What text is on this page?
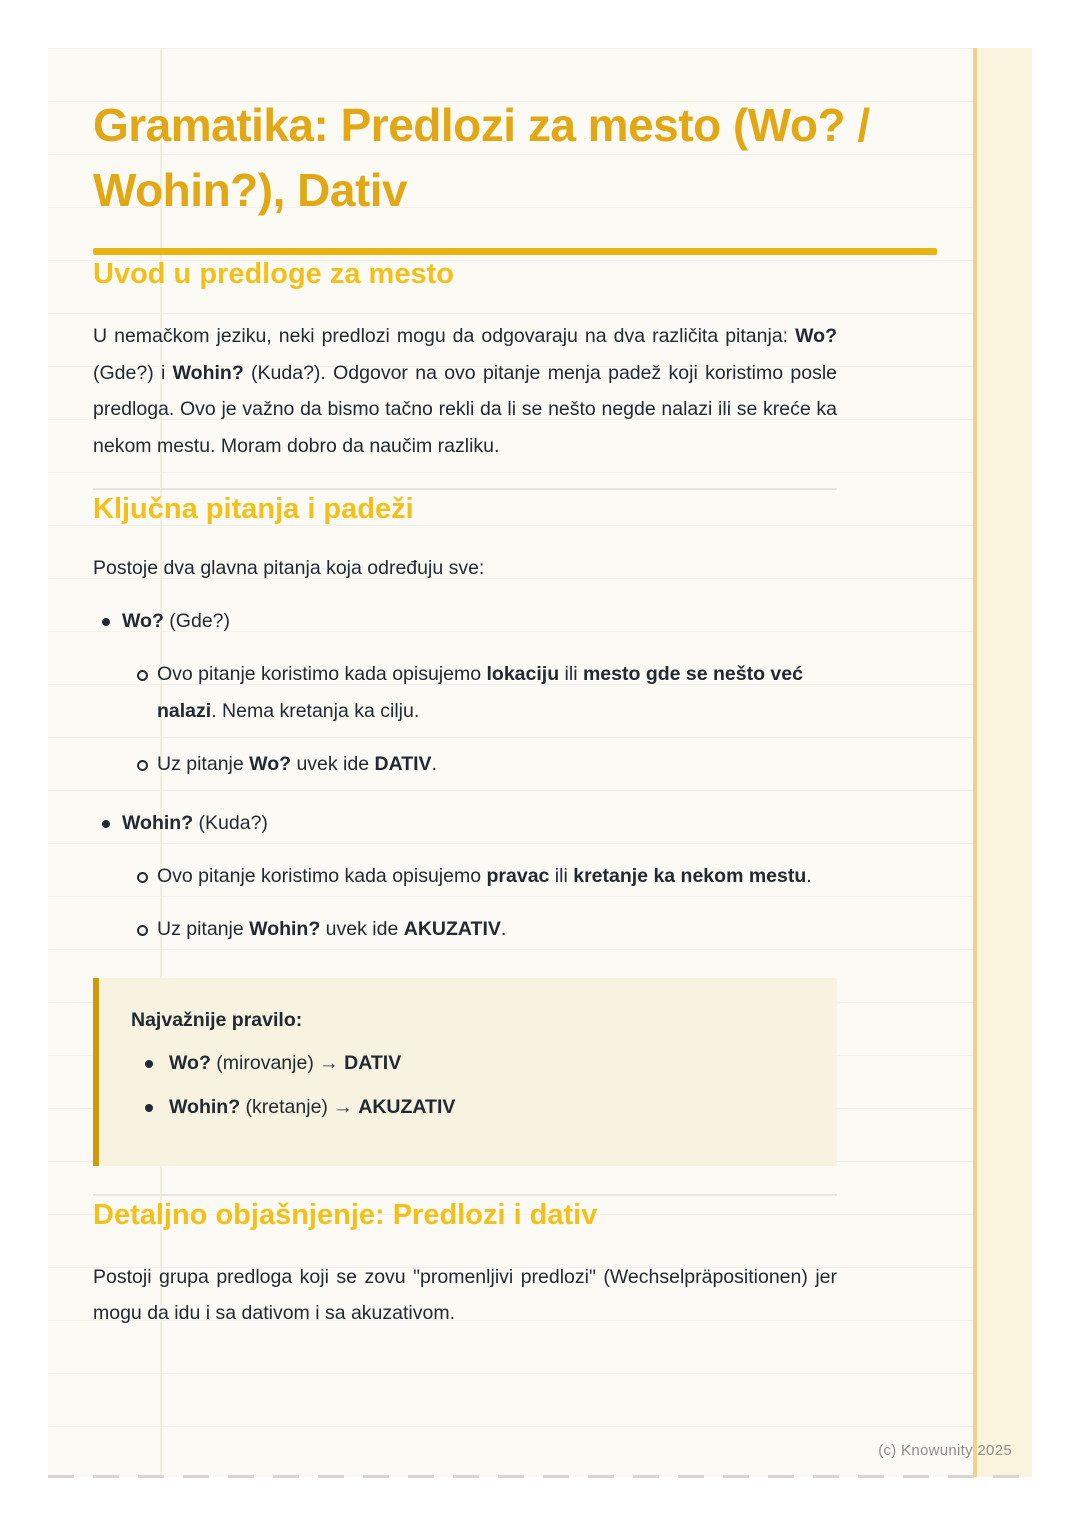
Gramatika: Predlozi za mesto (Wo? / Wohin?), Dativ
Uvod u predloge za mesto

U nemačkom jeziku, neki predlozi mogu da odgovaraju na dva različita pitanja: Wo? (Gde?) i Wohin? (Kuda?). Odgovor na ovo pitanje menja padež koji koristimo posle predloga. Ovo je važno da bismo tačno rekli da li se nešto negde nalazi ili se kreće ka nekom mestu. Moram dobro da naučim razliku.

Ključna pitanja i padeži

Postoje dva glavna pitanja koja određuju sve:

Wo? (Gde?)
Ovo pitanje koristimo kada opisujemo lokaciju ili mesto gde se nešto već nalazi. Nema kretanja ka cilju.
Uz pitanje Wo? uvek ide DATIV.
Wohin? (Kuda?)
Ovo pitanje koristimo kada opisujemo pravac ili kretanje ka nekom mestu.
Uz pitanje Wohin? uvek ide AKUZATIV.

Najvažnije pravilo:

Wo? (mirovanje) → DATIV
Wohin? (kretanje) → AKUZATIV
Detaljno objašnjenje: Predlozi i dativ

Postoji grupa predloga koji se zovu "promenljivi predlozi" (Wechselpräpositionen) jer mogu da idu i sa dativom i sa akuzativom.

(c) Knowunity 2025
